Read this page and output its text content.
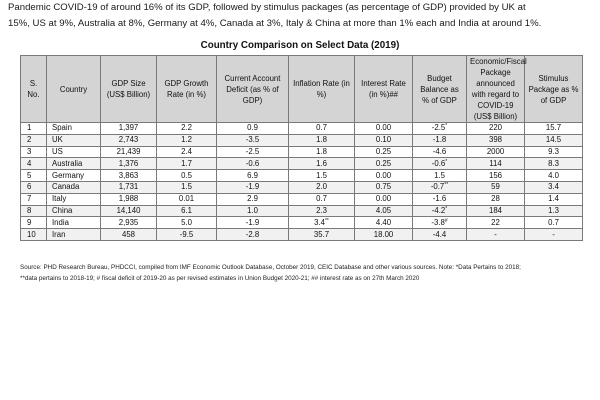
Pandemic COVID-19 of around 16% of its GDP, followed by stimulus packages (as percentage of GDP) provided by UK at
15%, US at 9%, Australia at 8%, Germany at 4%, Canada at 3%, Italy & China at more than 1% each and India at around 1%.
Country Comparison on Select Data (2019)
S. No.	Country	GDP Size (US$ Billion)	GDP Growth Rate (in %)	Current Account Deficit (as % of GDP)	Inflation Rate (in %)	Interest Rate (in %)##	Budget Balance as % of GDP	Economic/Fiscal Package announced with regard to COVID-19 (US$ Billion)	Stimulus Package as % of GDP
1	Spain	1,397	2.2	0.9	0.7	0.00	-2.5*	220	15.7
2	UK	2,743	1.2	-3.5	1.8	0.10	-1.8	398	14.5
3	US	21,439	2.4	-2.5	1.8	0.25	-4.6	2000	9.3
4	Australia	1,376	1.7	-0.6	1.6	0.25	-0.6*	114	8.3
5	Germany	3,863	0.5	6.9	1.5	0.00	1.5	156	4.0
6	Canada	1,731	1.5	-1.9	2.0	0.75	-0.7**	59	3.4
7	Italy	1,988	0.01	2.9	0.7	0.00	-1.6	28	1.4
8	China	14,140	6.1	1.0	2.3	4.05	-4.2*	184	1.3
9	India	2,935	5.0	-1.9	3.4**	4.40	-3.8#	22	0.7
10	Iran	458	-9.5	-2.8	35.7	18.00	-4.4	-	-
Source: PHD Research Bureau, PHDCCI, compiled from IMF Economic Outlook Database, October 2019, CEIC Database and other various sources. Note: *Data Pertains to 2018;
**data pertains to 2018-19; # fiscal deficit of 2019-20 as per revised estimates in Union Budget 2020-21; ## interest rate as on 27th March 2020
